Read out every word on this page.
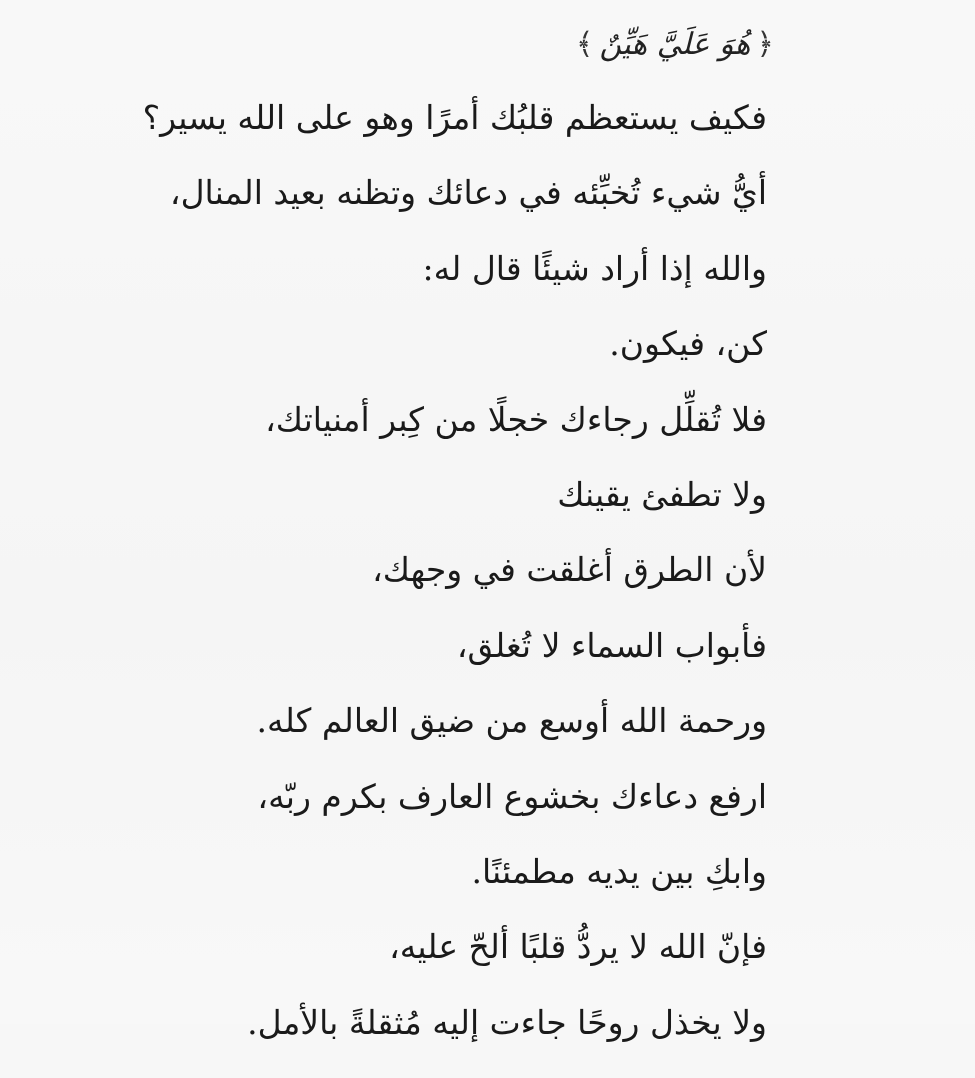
﴿
هُوَ عَلَيَّ هَيِّنٌ
﴾
فكيف يستعظم قلبُك أمرًا وهو على الله يسير؟
أيُّ شيء تُخبِّئه في دعائك وتظنه بعيد المنال،
والله إذا أراد شيئًا قال له:
كن، فيكون.
فلا تُقلِّل رجاءك خجلًا من كِبر أمنياتك،
ولا تطفئ يقينك
لأن الطرق أغلقت في وجهك،
فأبواب السماء لا تُغلق،
ورحمة الله أوسع من ضيق العالم كله.
ارفع دعاءك بخشوع العارف بكرم ربّه،
وابكِ بين يديه مطمئنًا.
فإنّ الله لا يردُّ قلبًا ألحّ عليه،
ولا يخذل روحًا جاءت إليه مُثقلةً بالأمل.
